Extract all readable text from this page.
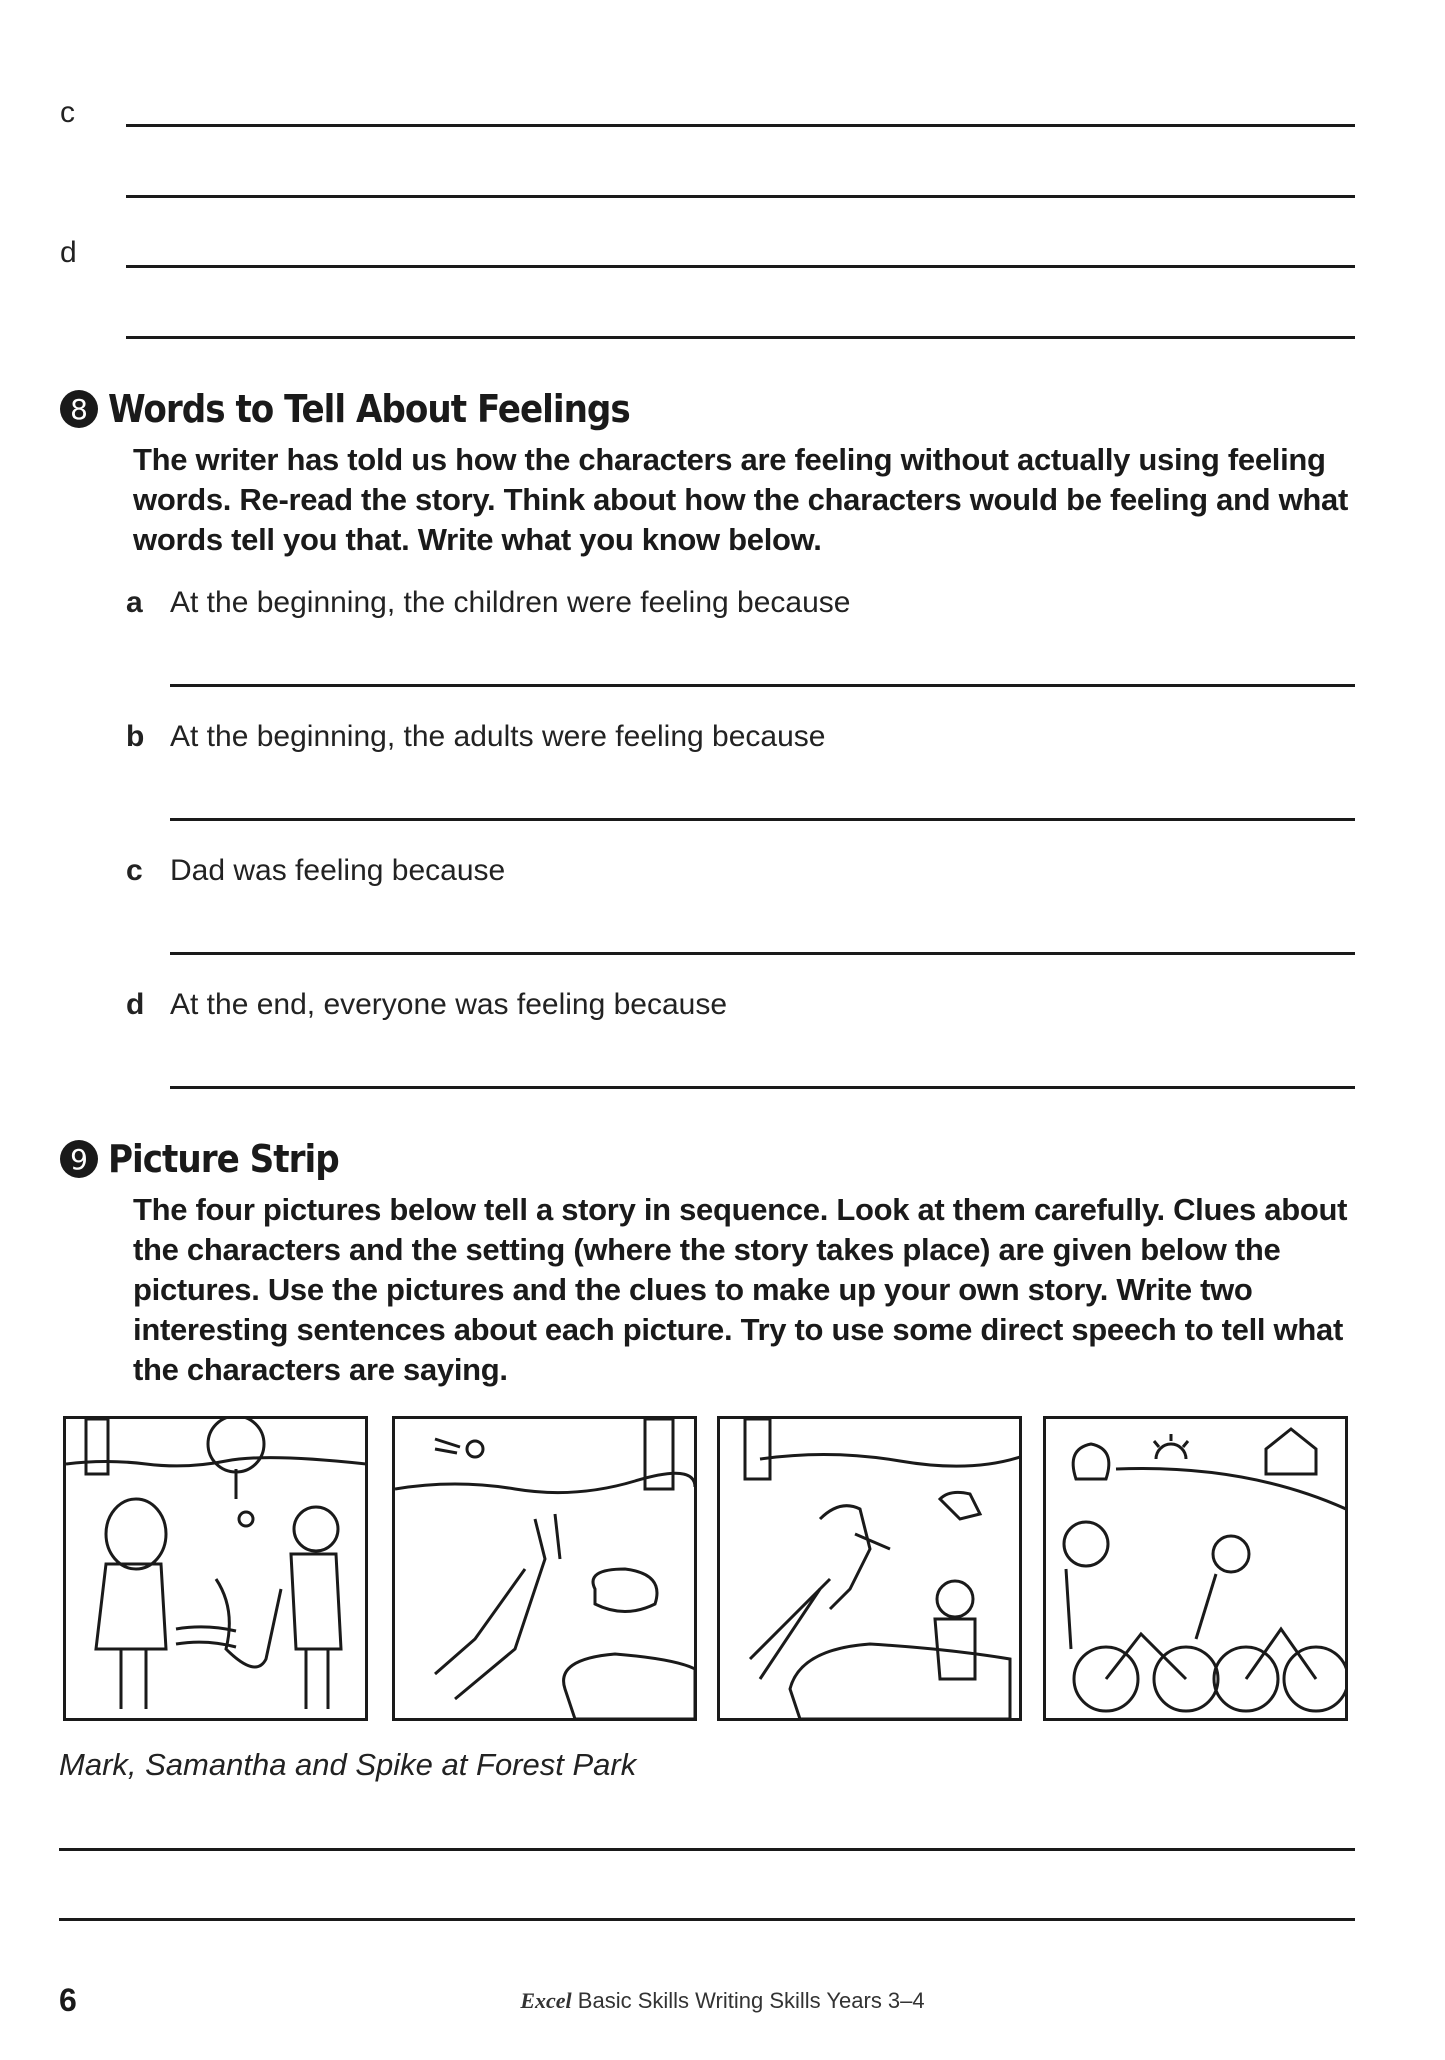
c
d
8 Words to Tell About Feelings
The writer has told us how the characters are feeling without actually using feeling words. Re-read the story. Think about how the characters would be feeling and what words tell you that. Write what you know below.
a At the beginning, the children were feeling because
b At the beginning, the adults were feeling because
c Dad was feeling because
d At the end, everyone was feeling because
9 Picture Strip
The four pictures below tell a story in sequence. Look at them carefully. Clues about the characters and the setting (where the story takes place) are given below the pictures. Use the pictures and the clues to make up your own story. Write two interesting sentences about each picture. Try to use some direct speech to tell what the characters are saying.
Mark, Samantha and Spike at Forest Park
6	Excel Basic Skills Writing Skills Years 3–4
